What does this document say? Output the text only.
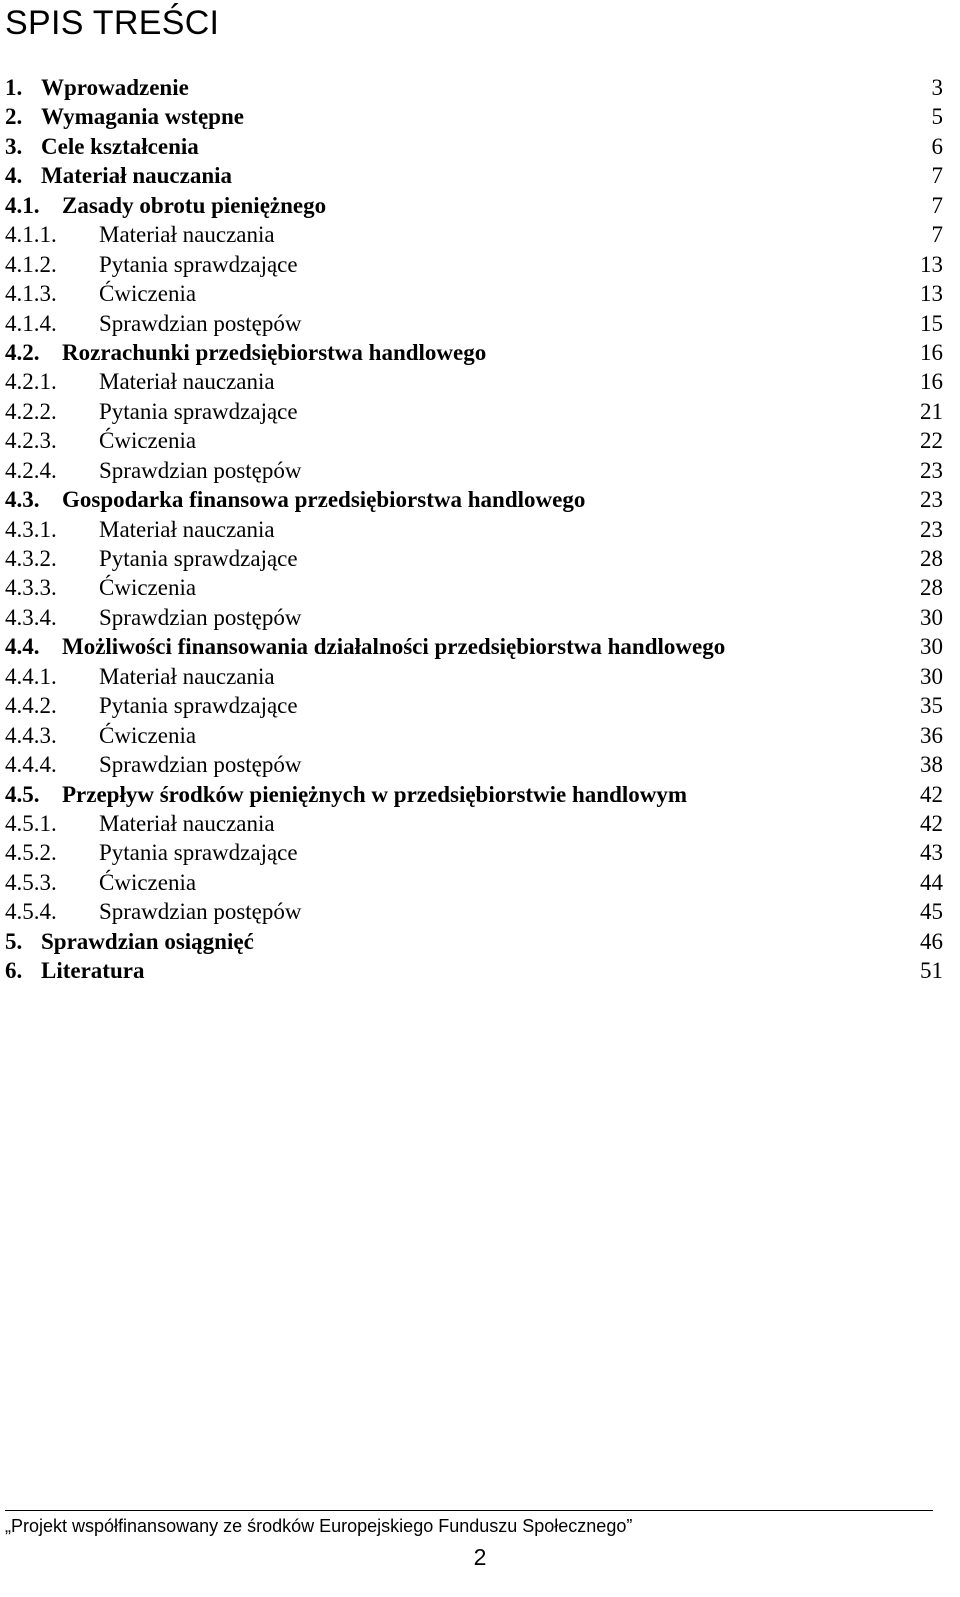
SPIS TREŚCI
1. Wprowadzenie	3
2. Wymagania wstępne	5
3. Cele kształcenia	6
4. Materiał nauczania	7
4.1. Zasady obrotu pieniężnego	7
4.1.1. Materiał nauczania	7
4.1.2. Pytania sprawdzające	13
4.1.3. Ćwiczenia	13
4.1.4. Sprawdzian postępów	15
4.2. Rozrachunki przedsiębiorstwa handlowego	16
4.2.1. Materiał nauczania	16
4.2.2. Pytania sprawdzające	21
4.2.3. Ćwiczenia	22
4.2.4. Sprawdzian postępów	23
4.3. Gospodarka finansowa przedsiębiorstwa handlowego	23
4.3.1. Materiał nauczania	23
4.3.2. Pytania sprawdzające	28
4.3.3. Ćwiczenia	28
4.3.4. Sprawdzian postępów	30
4.4. Możliwości finansowania działalności przedsiębiorstwa handlowego	30
4.4.1. Materiał nauczania	30
4.4.2. Pytania sprawdzające	35
4.4.3. Ćwiczenia	36
4.4.4. Sprawdzian postępów	38
4.5. Przepływ środków pieniężnych w przedsiębiorstwie handlowym	42
4.5.1. Materiał nauczania	42
4.5.2. Pytania sprawdzające	43
4.5.3. Ćwiczenia	44
4.5.4. Sprawdzian postępów	45
5. Sprawdzian osiągnięć	46
6. Literatura	51
„Projekt współfinansowany ze środków Europejskiego Funduszu Społecznego”
2
